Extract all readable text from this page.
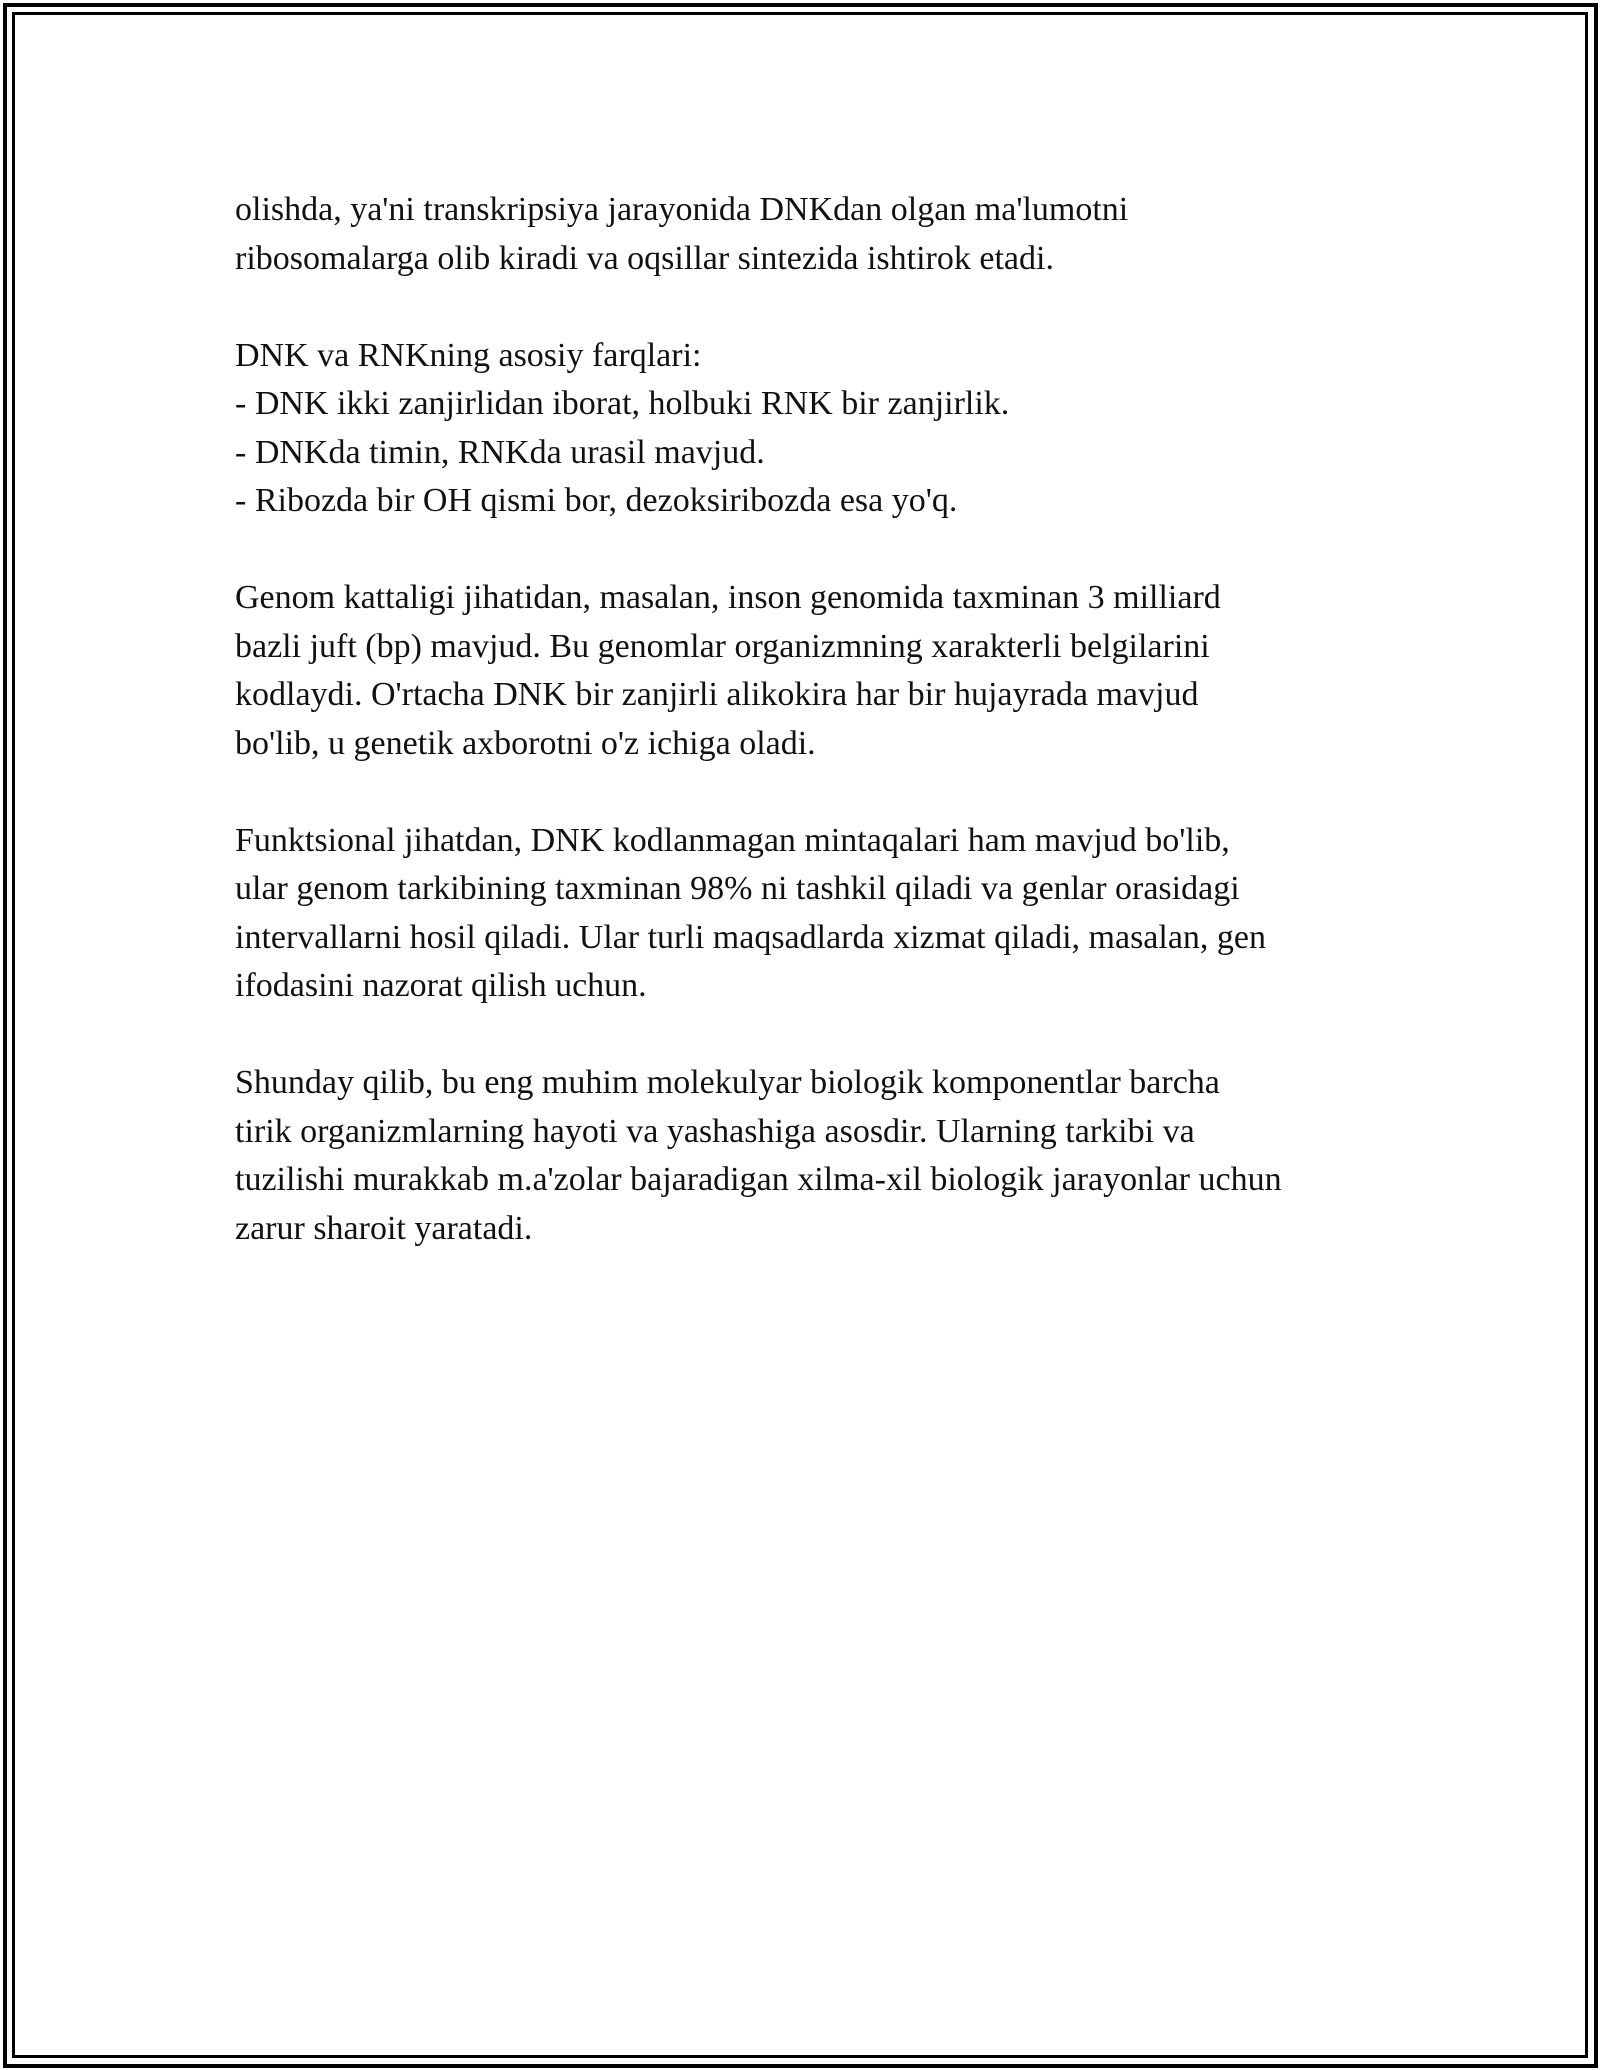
olishda, ya'ni transkripsiya jarayonida DNKdan olgan ma'lumotni
ribosomalarga olib kiradi va oqsillar sintezida ishtirok etadi.

DNK va RNKning asosiy farqlari:
- DNK ikki zanjirlidan iborat, holbuki RNK bir zanjirlik.
- DNKda timin, RNKda urasil mavjud.
- Ribozda bir OH qismi bor, dezoksiribozda esa yo'q.

Genom kattaligi jihatidan, masalan, inson genomida taxminan 3 milliard
bazli juft (bp) mavjud. Bu genomlar organizmning xarakterli belgilarini
kodlaydi. O'rtacha DNK bir zanjirli alikokira har bir hujayrada mavjud
bo'lib, u genetik axborotni o'z ichiga oladi.

Funktsional jihatdan, DNK kodlanmagan mintaqalari ham mavjud bo'lib,
ular genom tarkibining taxminan 98% ni tashkil qiladi va genlar orasidagi
intervallarni hosil qiladi. Ular turli maqsadlarda xizmat qiladi, masalan, gen
ifodasini nazorat qilish uchun.

Shunday qilib, bu eng muhim molekulyar biologik komponentlar barcha
tirik organizmlarning hayoti va yashashiga asosdir. Ularning tarkibi va
tuzilishi murakkab m.a'zolar bajaradigan xilma-xil biologik jarayonlar uchun
zarur sharoit yaratadi.
